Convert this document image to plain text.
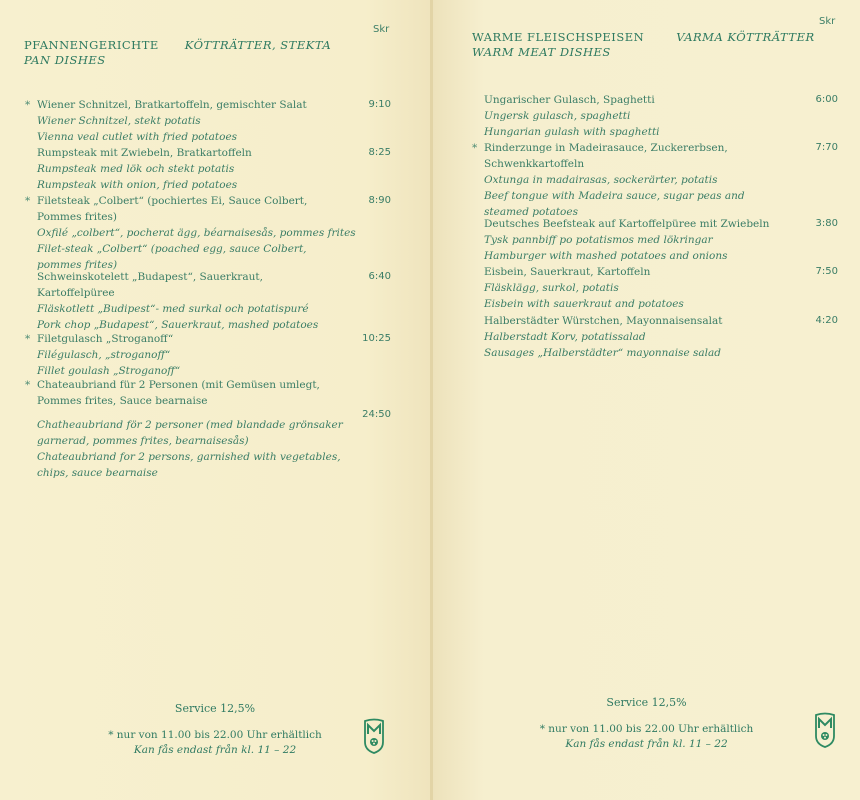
Skr
PFANNENGERICHTE KÖTTRÄTTER, STEKTA
PAN DISHES
* Wiener Schnitzel, Bratkartoffeln, gemischter Salat
Wiener Schnitzel, stekt potatis
Vienna veal cutlet with fried potatoes
9:10
Rumpsteak mit Zwiebeln, Bratkartoffeln
Rumpsteak med lök och stekt potatis
Rumpsteak with onion, fried potatoes
8:25
* Filetsteak „Colbert“ (pochiertes Ei, Sauce Colbert, Pommes frites)
Oxfilé „colbert“, pocherat ägg, béarnaisesås, pommes frites
Filet-steak „Colbert“ (poached egg, sauce Colbert, pommes frites)
8:90
Schweinskotelett „Budapest“, Sauerkraut, Kartoffelpüree
Fläskotlett „Budipest“- med surkal och potatispuré
Pork chop „Budapest“, Sauerkraut, mashed potatoes
6:40
* Filetgulasch „Stroganoff“
Filégulasch, „stroganoff“
Fillet goulash „Stroganoff“
10:25
* Chateaubriand für 2 Personen (mit Gemüsen umlegt, Pommes frites, Sauce bearnaise
Chatheaubriand för 2 personer (med blandade grönsaker garnerad, pommes frites, bearnaisesås)
Chateaubriand for 2 persons, garnished with vegetables, chips, sauce bearnaise
24:50
Service 12,5%
* nur von 11.00 bis 22.00 Uhr erhältlich
Kan fås endast från kl. 11 – 22
Skr
WARME FLEISCHSPEISEN	VARMA KÖTTRÄTTER
WARM MEAT DISHES
Ungarischer Gulasch, Spaghetti
Ungersk gulasch, spaghetti
Hungarian gulash with spaghetti
6:00
* Rinderzunge in Madeirasauce, Zuckererbsen, Schwenkkartoffeln
Oxtunga in madairasas, sockerärter, potatis
Beef tongue with Madeira sauce, sugar peas and steamed potatoes
7:70
Deutsches Beefsteak auf Kartoffelpüree mit Zwiebeln
Tysk pannbiff po potatismos med lökringar
Hamburger with mashed potatoes and onions
3:80
Eisbein, Sauerkraut, Kartoffeln
Fläsklägg, surkol, potatis
Eisbein with sauerkraut and potatoes
7:50
Halberstädter Würstchen, Mayonnaisensalat
Halberstadt Korv, potatissalad
Sausages „Halberstädter“ mayonnaise salad
4:20
Service 12,5%
* nur von 11.00 bis 22.00 Uhr erhältlich
Kan fås endast från kl. 11 – 22
